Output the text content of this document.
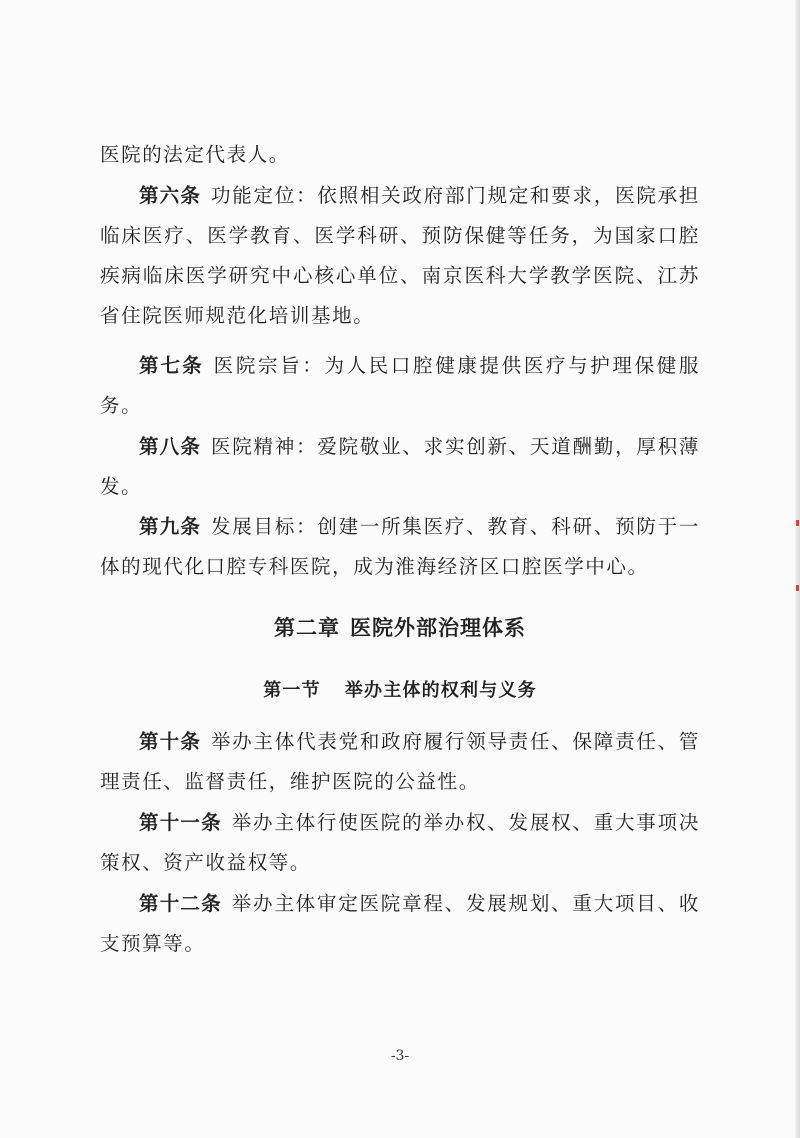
医院的法定代表人。

第六条 功能定位：依照相关政府部门规定和要求，医院承担临床医疗、医学教育、医学科研、预防保健等任务，为国家口腔疾病临床医学研究中心核心单位、南京医科大学教学医院、江苏省住院医师规范化培训基地。

第七条 医院宗旨：为人民口腔健康提供医疗与护理保健服务。

第八条 医院精神：爱院敬业、求实创新、天道酬勤，厚积薄发。

第九条 发展目标：创建一所集医疗、教育、科研、预防于一体的现代化口腔专科医院，成为淮海经济区口腔医学中心。

第二章 医院外部治理体系

第一节 举办主体的权利与义务

第十条 举办主体代表党和政府履行领导责任、保障责任、管理责任、监督责任，维护医院的公益性。

第十一条 举办主体行使医院的举办权、发展权、重大事项决策权、资产收益权等。

第十二条 举办主体审定医院章程、发展规划、重大项目、收支预算等。

-3-
